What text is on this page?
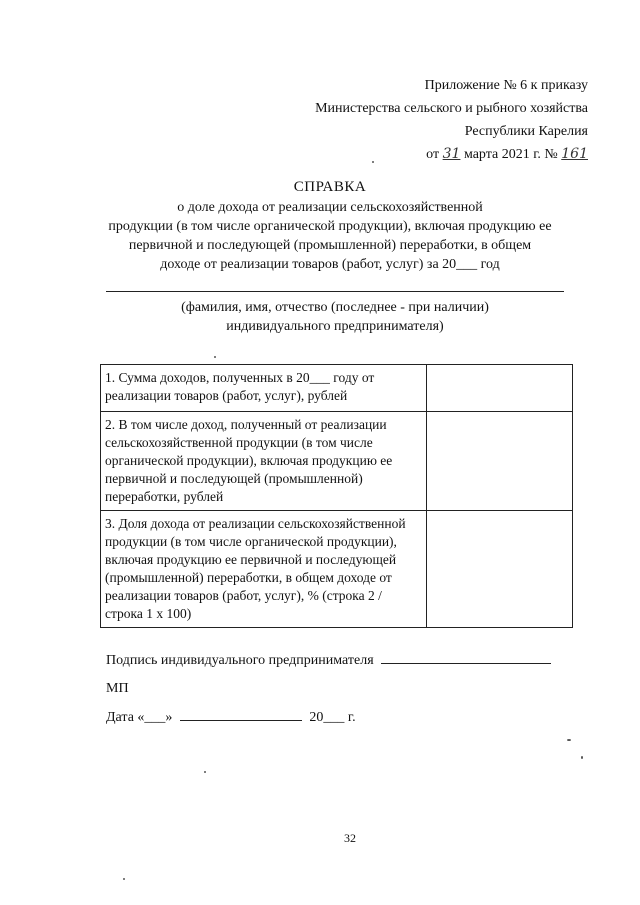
Приложение № 6 к приказу
Министерства сельского и рыбного хозяйства
Республики Карелия
от 31 марта 2021 г. № 161
СПРАВКА
о доле дохода от реализации сельскохозяйственной
продукции (в том числе органической продукции), включая продукцию ее
первичной и последующей (промышленной) переработки, в общем
доходе от реализации товаров (работ, услуг) за 20___ год
(фамилия, имя, отчество (последнее - при наличии)
индивидуального предпринимателя)
1. Сумма доходов, полученных в 20___ году от реализации товаров (работ, услуг), рублей	
2. В том числе доход, полученный от реализации сельскохозяйственной продукции (в том числе органической продукции), включая продукцию ее первичной и последующей (промышленной) переработки, рублей	
3. Доля дохода от реализации сельскохозяйственной продукции (в том числе органической продукции), включая продукцию ее первичной и последующей (промышленной) переработки, в общем доходе от реализации товаров (работ, услуг), % (строка 2 / строка 1 x 100)	
Подпись индивидуального предпринимателя
МП
Дата «___»	20___ г.
32
